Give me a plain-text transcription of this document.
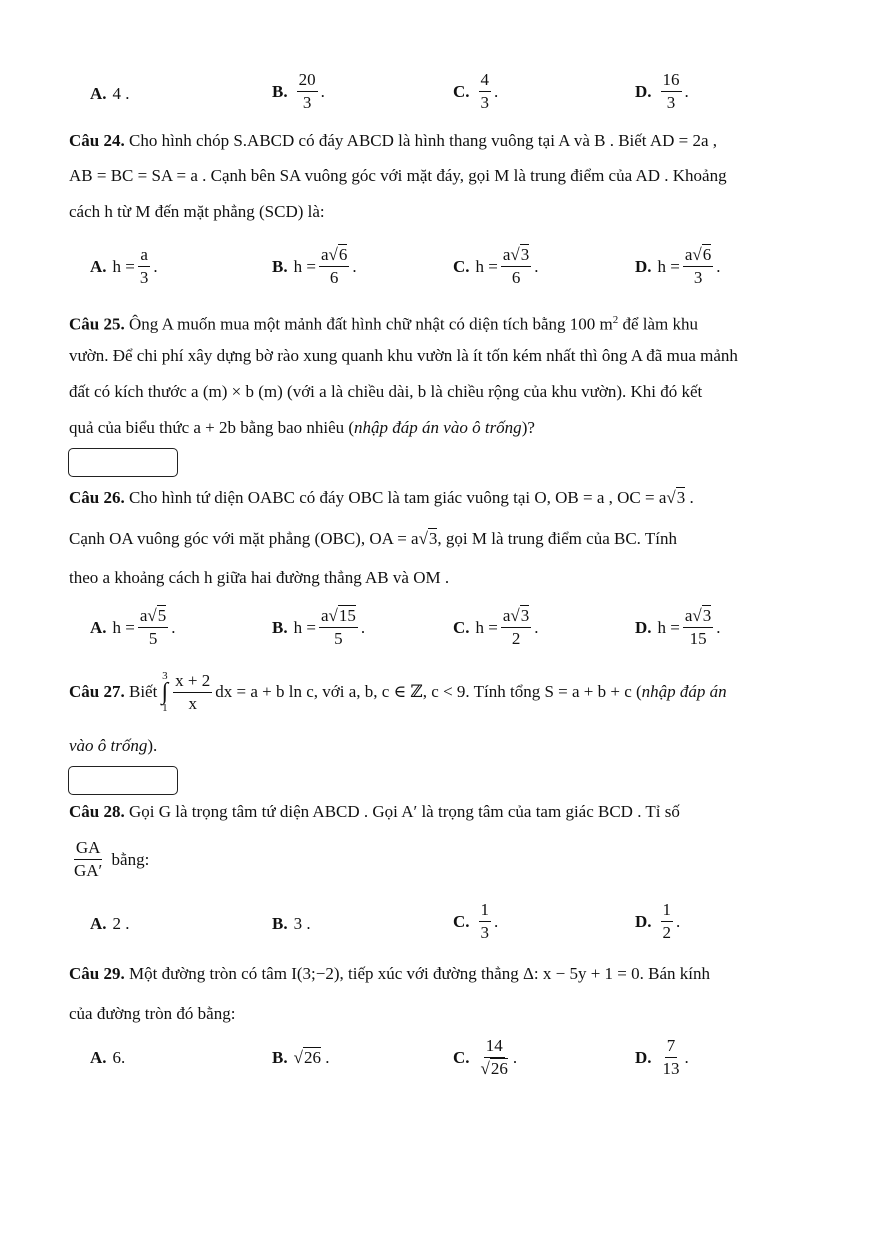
A. 4 .	B. $\frac{20}{3}$ .	C. $\frac{4}{3}$ .	D. $\frac{16}{3}$ .
Câu 24. Cho hình chóp S.ABCD có đáy ABCD là hình thang vuông tại A và B . Biết AD = 2a ,
AB = BC = SA = a . Cạnh bên SA vuông góc với mặt đáy, gọi M là trung điểm của AD . Khoảng
cách h từ M đến mặt phẳng (SCD) là:
A. $h = \frac{a}{3}$ .	B. $h = \frac{a√6}{6}$ .	C. $h = \frac{a√3}{6}$ .	D. $h = \frac{a√6}{3}$ .
Câu 25. Ông A muốn mua một mảnh đất hình chữ nhật có diện tích bằng 100 $m^2$ để làm khu
vườn. Để chi phí xây dựng bờ rào xung quanh khu vườn là ít tốn kém nhất thì ông A đã mua mảnh
đất có kích thước a (m) × b (m) (với a là chiều dài, b là chiều rộng của khu vườn). Khi đó kết
quả của biểu thức a + 2b bằng bao nhiêu (nhập đáp án vào ô trống)?
Câu 26. Cho hình tứ diện OABC có đáy OBC là tam giác vuông tại O, OB = a , OC = a√3 .
Cạnh OA vuông góc với mặt phẳng (OBC), OA = a√3, gọi M là trung điểm của BC. Tính
theo a khoảng cách h giữa hai đường thẳng AB và OM .
A. $h = \frac{a√5}{5}$ .	B. $h = \frac{a√15}{5}$ .	C. $h = \frac{a√3}{2}$ .	D. $h = \frac{a√3}{15}$ .
Câu 27.
Biết

3
∫
$1 \frac{x + 2}{x}$ dx = a + b ln c, với a, b, c ∈ ℤ, c < 9. Tính tổng S = a + b + c ( nhập đáp án
vào ô trống).
Câu 28. Gọi G là trọng tâm tứ diện ABCD . Gọi A′ là trọng tâm của tam giác BCD . Tỉ số
$\frac{GA}{GA'}$
bằng:
A. 2 .	B. 3 .	C. $\frac{1}{3}$ .	D. $\frac{1}{2}$ .
Câu 29. Một đường tròn có tâm I(3;−2), tiếp xúc với đường thẳng Δ: x − 5y + 1 = 0. Bán kính
của đường tròn đó bằng:
A. 6.	B. √26
.	C. $\frac{14}{√26}$ .	D. $\frac{7}{13}$ .
